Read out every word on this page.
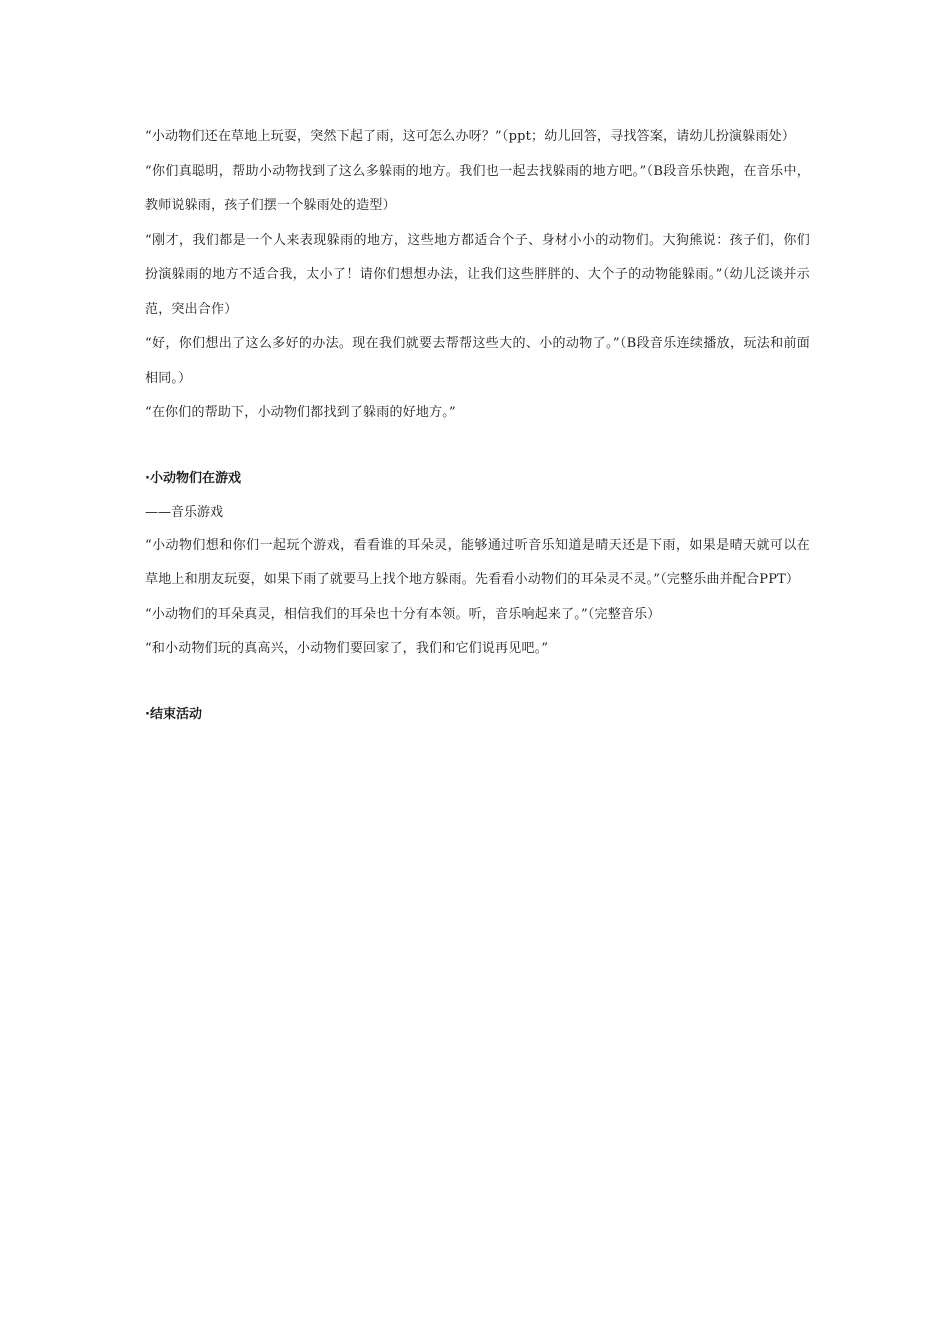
“小动物们还在草地上玩耍，突然下起了雨，这可怎么办呀？”（ppt；幼儿回答，寻找答案，请幼儿扮演躲雨处）

“你们真聪明，帮助小动物找到了这么多躲雨的地方。我们也一起去找躲雨的地方吧。”（B段音乐快跑，在音乐中，教师说躲雨，孩子们摆一个躲雨处的造型）

“刚才，我们都是一个人来表现躲雨的地方，这些地方都适合个子、身材小小的动物们。大狗熊说：孩子们，你们扮演躲雨的地方不适合我，太小了！请你们想想办法，让我们这些胖胖的、大个子的动物能躲雨。”（幼儿泛谈并示范，突出合作）

“好，你们想出了这么多好的办法。现在我们就要去帮帮这些大的、小的动物了。”（B段音乐连续播放，玩法和前面相同。）

“在你们的帮助下，小动物们都找到了躲雨的好地方。”

·小动物们在游戏

——音乐游戏

“小动物们想和你们一起玩个游戏，看看谁的耳朵灵，能够通过听音乐知道是晴天还是下雨，如果是晴天就可以在草地上和朋友玩耍，如果下雨了就要马上找个地方躲雨。先看看小动物们的耳朵灵不灵。”（完整乐曲并配合PPT）

“小动物们的耳朵真灵，相信我们的耳朵也十分有本领。听，音乐响起来了。”（完整音乐）

“和小动物们玩的真高兴，小动物们要回家了，我们和它们说再见吧。”

·结束活动
